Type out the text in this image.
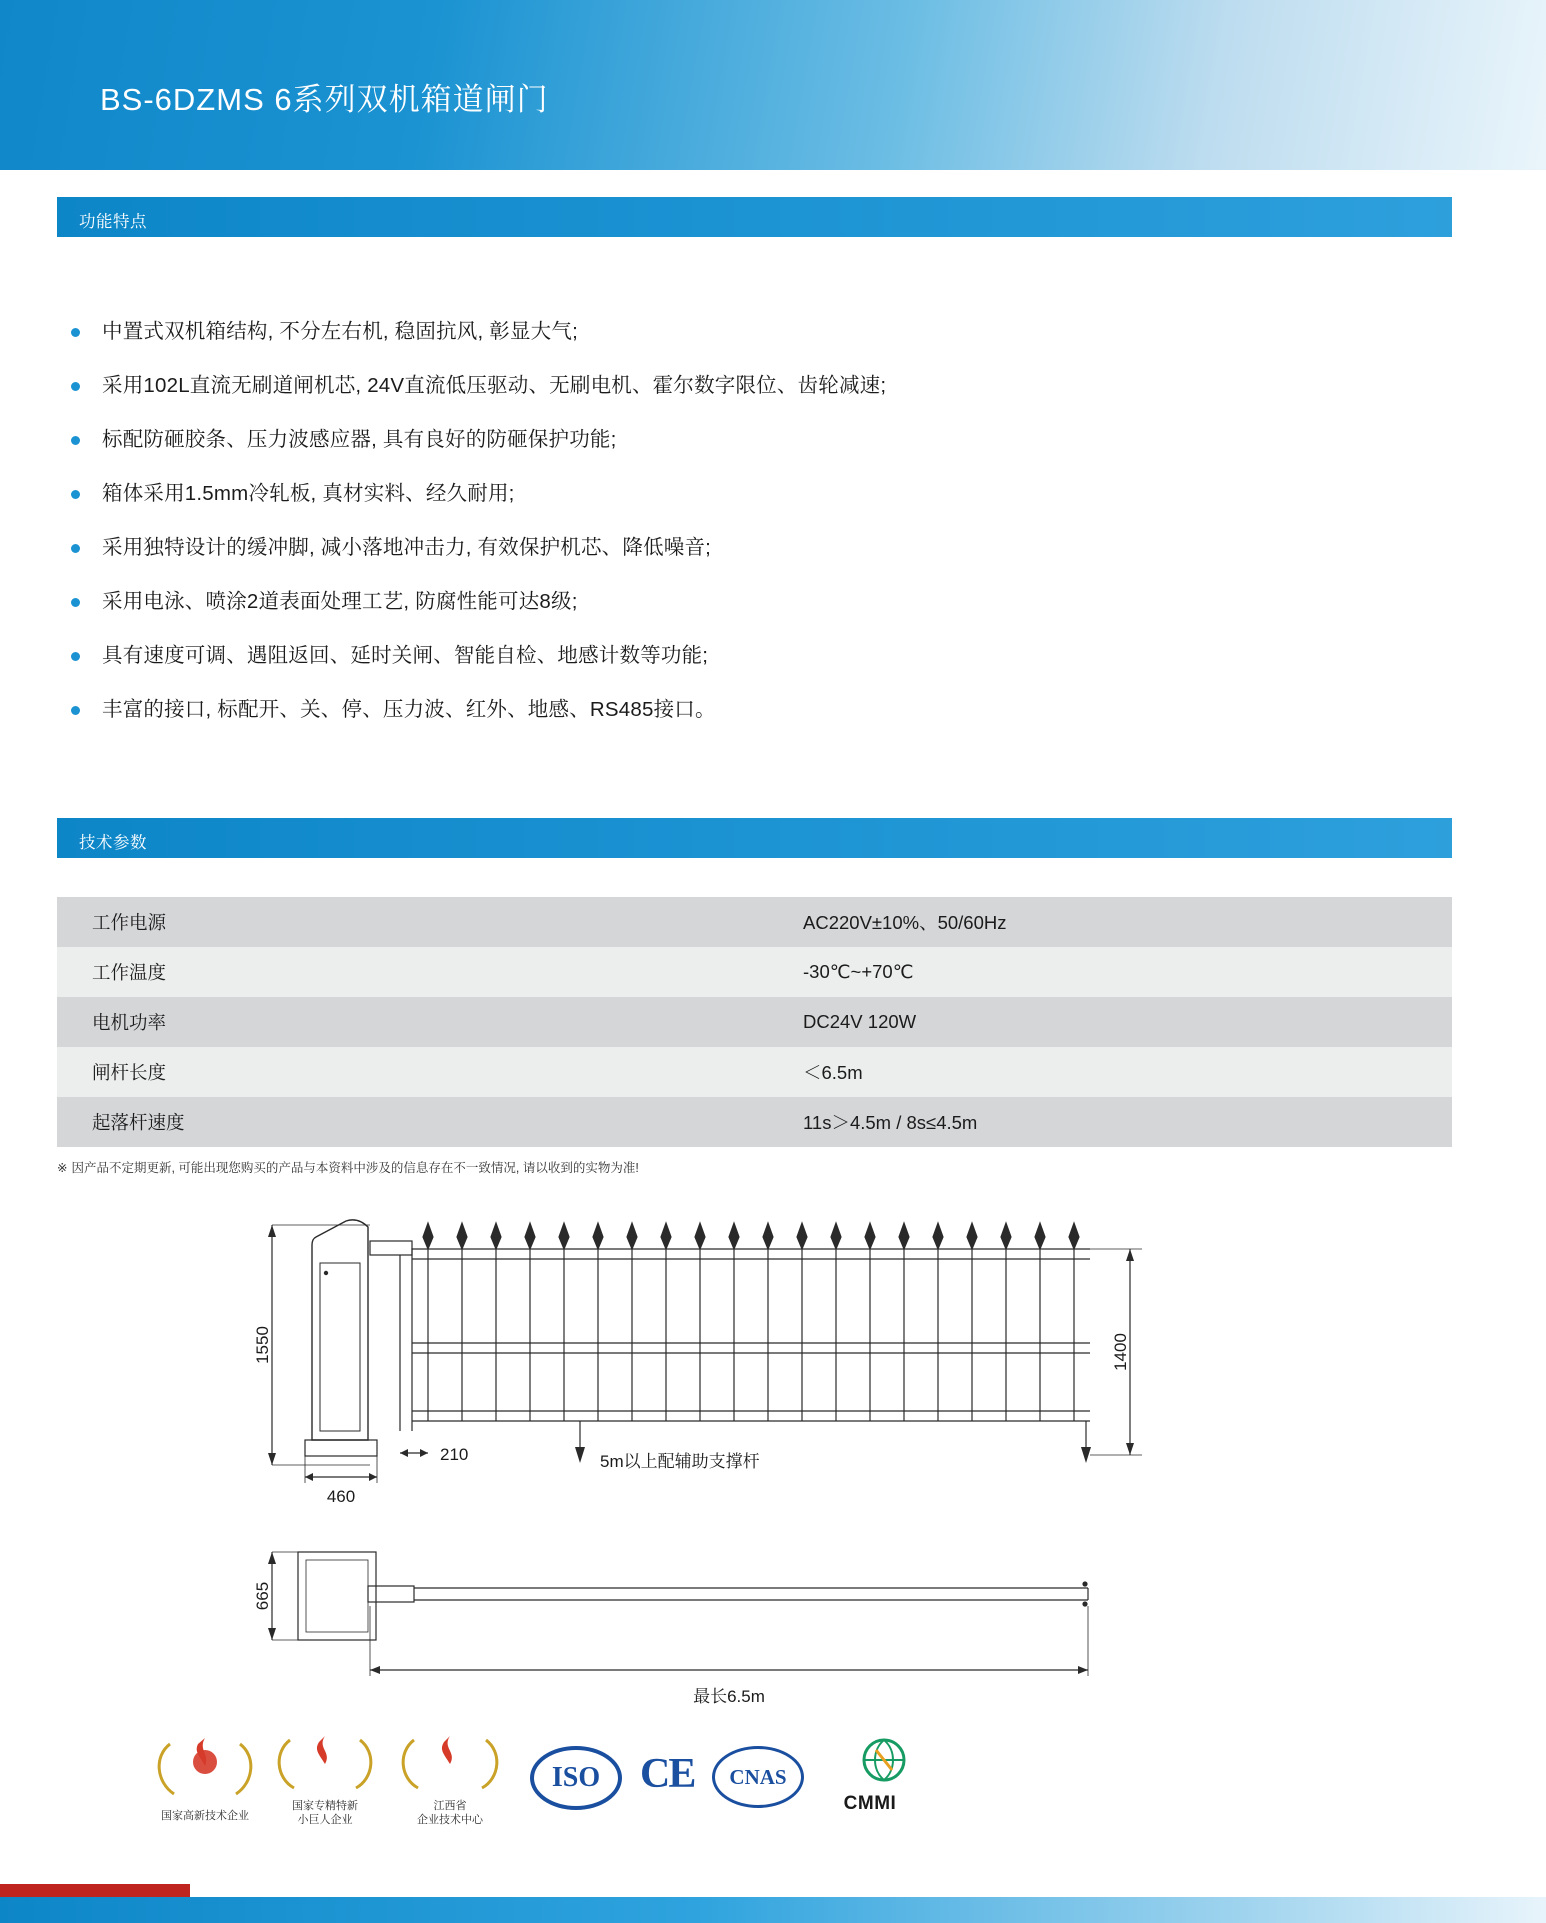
BS-6DZMS 6系列双机箱道闸门
功能特点
中置式双机箱结构, 不分左右机, 稳固抗风, 彰显大气;
采用102L直流无刷道闸机芯, 24V直流低压驱动、无刷电机、霍尔数字限位、齿轮减速;
标配防砸胶条、压力波感应器, 具有良好的防砸保护功能;
箱体采用1.5mm冷轧板, 真材实料、经久耐用;
采用独特设计的缓冲脚, 减小落地冲击力, 有效保护机芯、降低噪音;
采用电泳、喷涂2道表面处理工艺, 防腐性能可达8级;
具有速度可调、遇阻返回、延时关闸、智能自检、地感计数等功能;
丰富的接口, 标配开、关、停、压力波、红外、地感、RS485接口。
技术参数
工作电源	AC220V±10%、50/60Hz
工作温度	-30℃~+70℃
电机功率	DC24V 120W
闸杆长度	＜6.5m
起落杆速度	11s＞4.5m / 8s≤4.5m
※ 因产品不定期更新, 可能出现您购买的产品与本资料中涉及的信息存在不一致情况, 请以收到的实物为准!
1550	1400
460
210	5m以上配辅助支撑杆
665
最长6.5m
国家高新技术企业
国家专精特新
小巨人企业
江西省
企业技术中心
ISO CE CNAS
CMMI
